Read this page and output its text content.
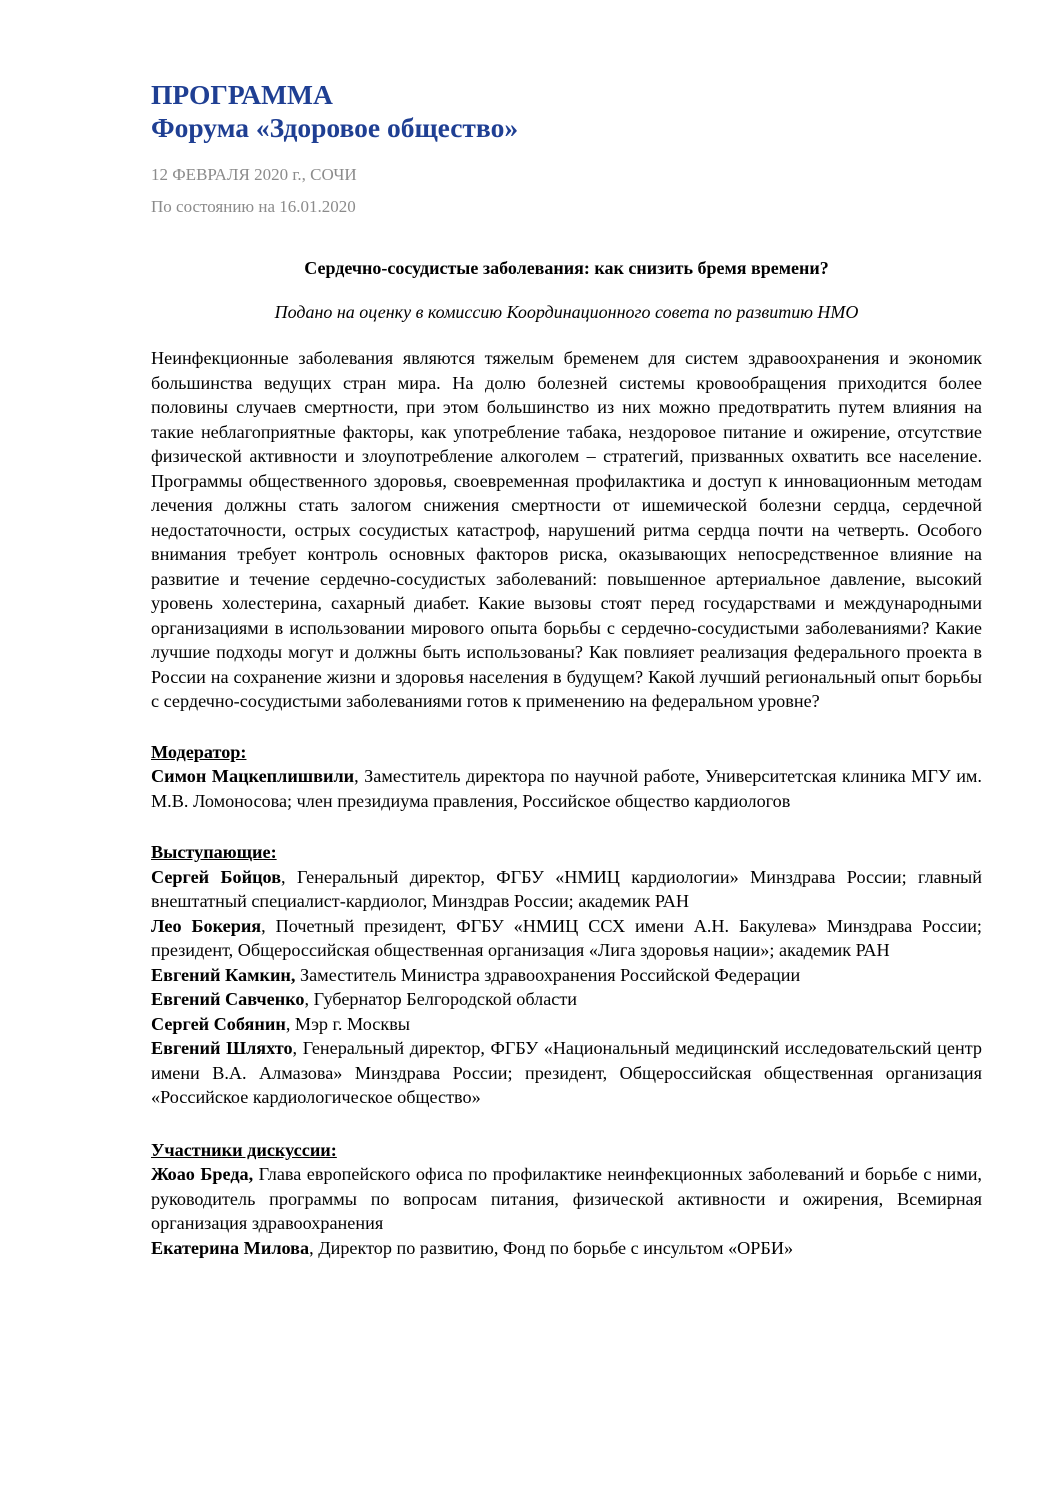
ПРОГРАММА
Форума «Здоровое общество»

12 ФЕВРАЛЯ 2020 г., СОЧИ

По состоянию на 16.01.2020

Сердечно-сосудистые заболевания: как снизить бремя времени?

Подано на оценку в комиссию Координационного совета по развитию НМО

Неинфекционные заболевания являются тяжелым бременем для систем здравоохранения и экономик большинства ведущих стран мира. На долю болезней системы кровообращения приходится более половины случаев смертности, при этом большинство из них можно предотвратить путем влияния на такие неблагоприятные факторы, как употребление табака, нездоровое питание и ожирение, отсутствие физической активности и злоупотребление алкоголем – стратегий, призванных охватить все население. Программы общественного здоровья, своевременная профилактика и доступ к инновационным методам лечения должны стать залогом снижения смертности от ишемической болезни сердца, сердечной недостаточности, острых сосудистых катастроф, нарушений ритма сердца почти на четверть. Особого внимания требует контроль основных факторов риска, оказывающих непосредственное влияние на развитие и течение сердечно-сосудистых заболеваний: повышенное артериальное давление, высокий уровень холестерина, сахарный диабет. Какие вызовы стоят перед государствами и международными организациями в использовании мирового опыта борьбы с сердечно-сосудистыми заболеваниями? Какие лучшие подходы могут и должны быть использованы? Как повлияет реализация федерального проекта в России на сохранение жизни и здоровья населения в будущем? Какой лучший региональный опыт борьбы с сердечно-сосудистыми заболеваниями готов к применению на федеральном уровне?

Модератор:

Симон Мацкеплишвили, Заместитель директора по научной работе, Университетская клиника МГУ им. М.В. Ломоносова; член президиума правления, Российское общество кардиологов

Выступающие:

Сергей Бойцов, Генеральный директор, ФГБУ «НМИЦ кардиологии» Минздрава России; главный внештатный специалист-кардиолог, Минздрав России; академик РАН

Лео Бокерия, Почетный президент, ФГБУ «НМИЦ ССХ имени А.Н. Бакулева» Минздрава России; президент, Общероссийская общественная организация «Лига здоровья нации»; академик РАН

Евгений Камкин, Заместитель Министра здравоохранения Российской Федерации

Евгений Савченко, Губернатор Белгородской области

Сергей Собянин, Мэр г. Москвы

Евгений Шляхто, Генеральный директор, ФГБУ «Национальный медицинский исследовательский центр имени В.А. Алмазова» Минздрава России; президент, Общероссийская общественная организация «Российское кардиологическое общество»

Участники дискуссии:

Жоао Бреда, Глава европейского офиса по профилактике неинфекционных заболеваний и борьбе с ними, руководитель программы по вопросам питания, физической активности и ожирения, Всемирная организация здравоохранения

Екатерина Милова, Директор по развитию, Фонд по борьбе с инсультом «ОРБИ»
